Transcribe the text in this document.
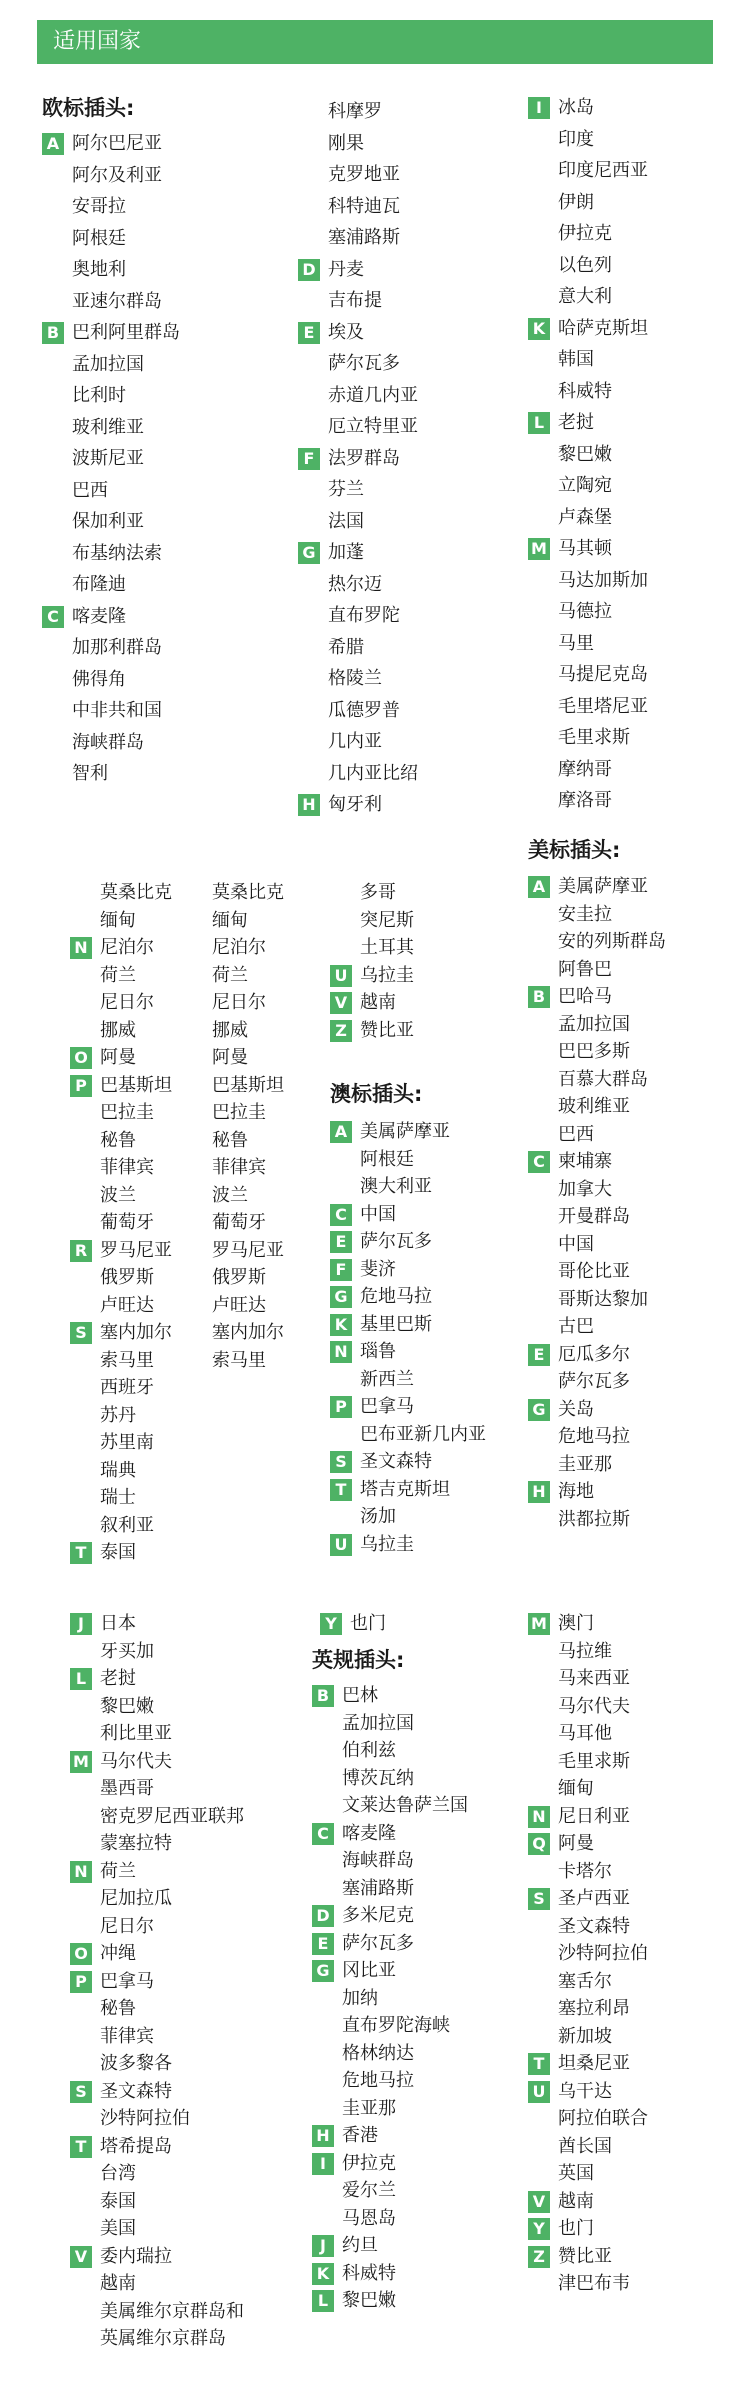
适用国家
欧标插头:
A 阿尔巴尼亚
阿尔及利亚
安哥拉
阿根廷
奥地利
亚速尔群岛
B 巴利阿里群岛
孟加拉国
比利时
玻利维亚
波斯尼亚
巴西
保加利亚
布基纳法索
布隆迪
C 喀麦隆
加那利群岛
佛得角
中非共和国
海峡群岛
智利
科摩罗
刚果
克罗地亚
科特迪瓦
塞浦路斯
D 丹麦
吉布提
E 埃及
萨尔瓦多
赤道几内亚
厄立特里亚
F 法罗群岛
芬兰
法国
G 加蓬
热尔迈
直布罗陀
希腊
格陵兰
瓜德罗普
几内亚
几内亚比绍
H 匈牙利
I 冰岛
印度
印度尼西亚
伊朗
伊拉克
以色列
意大利
K 哈萨克斯坦
韩国
科威特
L 老挝
黎巴嫩
立陶宛
卢森堡
M 马其顿
马达加斯加
马德拉
马里
马提尼克岛
毛里塔尼亚
毛里求斯
摩纳哥
摩洛哥
莫桑比克
缅甸
N 尼泊尔
荷兰
尼日尔
挪威
O 阿曼
P 巴基斯坦
巴拉圭
秘鲁
菲律宾
波兰
葡萄牙
R 罗马尼亚
俄罗斯
卢旺达
S 塞内加尔
索马里
西班牙
苏丹
苏里南
瑞典
瑞士
叙利亚
T 泰国
莫桑比克
缅甸
尼泊尔
荷兰
尼日尔
挪威
阿曼
巴基斯坦
巴拉圭
秘鲁
菲律宾
波兰
葡萄牙
罗马尼亚
俄罗斯
卢旺达
塞内加尔
索马里
多哥
突尼斯
土耳其
U 乌拉圭
V 越南
Z 赞比亚
澳标插头:
A 美属萨摩亚
阿根廷
澳大利亚
C 中国
E 萨尔瓦多
F 斐济
G 危地马拉
K 基里巴斯
N 瑙鲁
新西兰
P 巴拿马
巴布亚新几内亚
S 圣文森特
T 塔吉克斯坦
汤加
U 乌拉圭
美标插头:
A 美属萨摩亚
安圭拉
安的列斯群岛
阿鲁巴
B 巴哈马
孟加拉国
巴巴多斯
百慕大群岛
玻利维亚
巴西
C 柬埔寨
加拿大
开曼群岛
中国
哥伦比亚
哥斯达黎加
古巴
E 厄瓜多尔
萨尔瓦多
G 关岛
危地马拉
圭亚那
H 海地
洪都拉斯
J 日本
牙买加
L 老挝
黎巴嫩
利比里亚
M 马尔代夫
墨西哥
密克罗尼西亚联邦
蒙塞拉特
N 荷兰
尼加拉瓜
尼日尔
O 冲绳
P 巴拿马
秘鲁
菲律宾
波多黎各
S 圣文森特
沙特阿拉伯
T 塔希提岛
台湾
泰国
美国
V 委内瑞拉
越南
美属维尔京群岛和
英属维尔京群岛
Y 也门
英规插头:
B 巴林
孟加拉国
伯利兹
博茨瓦纳
文莱达鲁萨兰国
C 喀麦隆
海峡群岛
塞浦路斯
D 多米尼克
E 萨尔瓦多
G 冈比亚
加纳
直布罗陀海峡
格林纳达
危地马拉
圭亚那
H 香港
I 伊拉克
爱尔兰
马恩岛
J 约旦
K 科威特
L 黎巴嫩
M 澳门
马拉维
马来西亚
马尔代夫
马耳他
毛里求斯
缅甸
N 尼日利亚
Q 阿曼
卡塔尔
S 圣卢西亚
圣文森特
沙特阿拉伯
塞舌尔
塞拉利昂
新加坡
T 坦桑尼亚
U 乌干达
阿拉伯联合
酋长国
英国
V 越南
Y 也门
Z 赞比亚
津巴布韦
